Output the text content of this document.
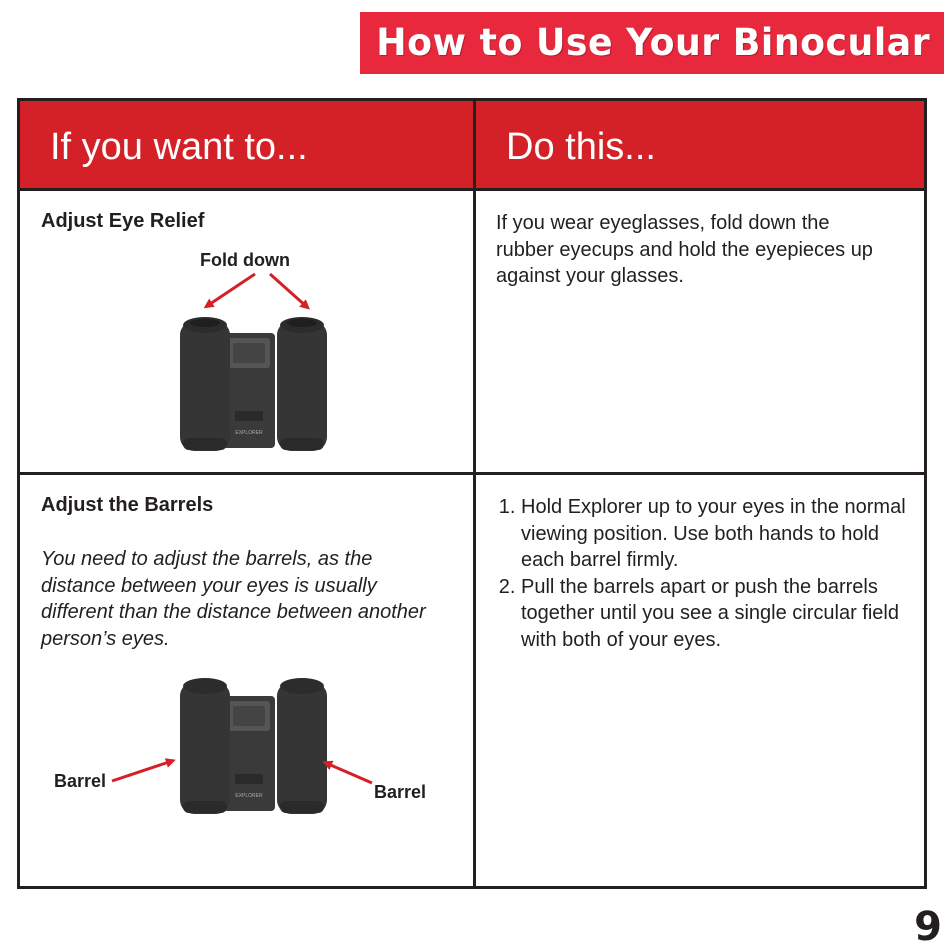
How to Use Your Binocular
If you want to...	Do this...
Adjust Eye Relief
Fold down
EXPLORER
If you wear eyeglasses, fold down the rubber eyecups and hold the eyepieces up against your glasses.
Adjust the Barrels
You need to adjust the barrels, as the distance between your eyes is usually different than the distance between another person’s eyes.
EXPLORER
Barrel
Barrel
1. Hold Explorer up to your eyes in the normal viewing position. Use both hands to hold each barrel firmly.
2. Pull the barrels apart or push the barrels together until you see a single circular field with both of your eyes.
9
